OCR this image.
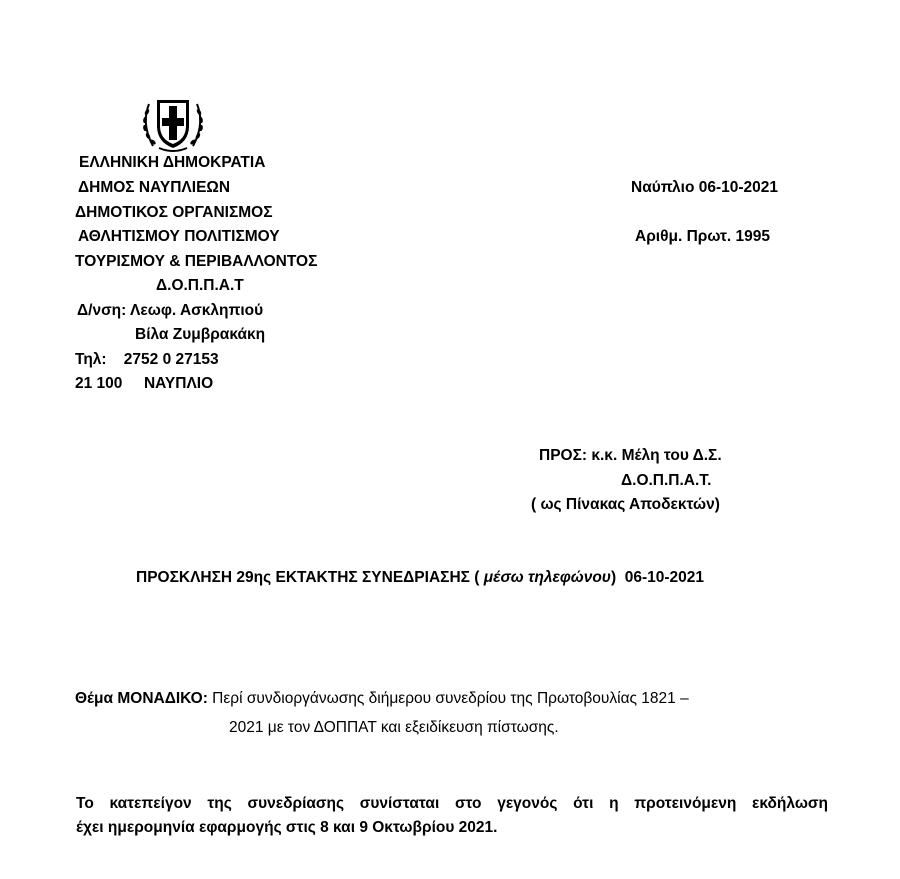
ΕΛΛΗΝΙΚΗ ΔΗΜΟΚΡΑΤΙΑ
ΔΗΜΟΣ ΝΑΥΠΛΙΕΩΝ
ΔΗΜΟΤΙΚΟΣ ΟΡΓΑΝΙΣΜΟΣ
ΑΘΛΗΤΙΣΜΟΥ ΠΟΛΙΤΙΣΜΟΥ
ΤΟΥΡΙΣΜΟΥ & ΠΕΡΙΒΑΛΛΟΝΤΟΣ
Δ.Ο.Π.Π.Α.Τ
Δ/νση: Λεωφ. Ασκληπιού
Βίλα Ζυμβρακάκη
Τηλ:    2752 0 27153
21 100     ΝΑΥΠΛΙΟ
Ναύπλιο 06-10-2021
Αριθμ. Πρωτ. 1995
ΠΡΟΣ: κ.κ. Μέλη του Δ.Σ.
Δ.Ο.Π.Π.Α.Τ.
( ως Πίνακας Αποδεκτών)
ΠΡΟΣΚΛΗΣΗ 29ης ΕΚΤΑΚΤΗΣ ΣΥΝΕΔΡΙΑΣΗΣ ( μέσω τηλεφώνου)  06-10-2021
Θέμα ΜΟΝΑΔΙΚΟ: Περί συνδιοργάνωσης διήμερου συνεδρίου της Πρωτοβουλίας 1821 –
2021 με τον ΔΟΠΠΑΤ και εξειδίκευση πίστωσης.
Το κατεπείγον της συνεδρίασης συνίσταται στο γεγονός ότι η προτεινόμενη εκδήλωση
έχει ημερομηνία εφαρμογής στις 8 και 9 Οκτωβρίου 2021.
